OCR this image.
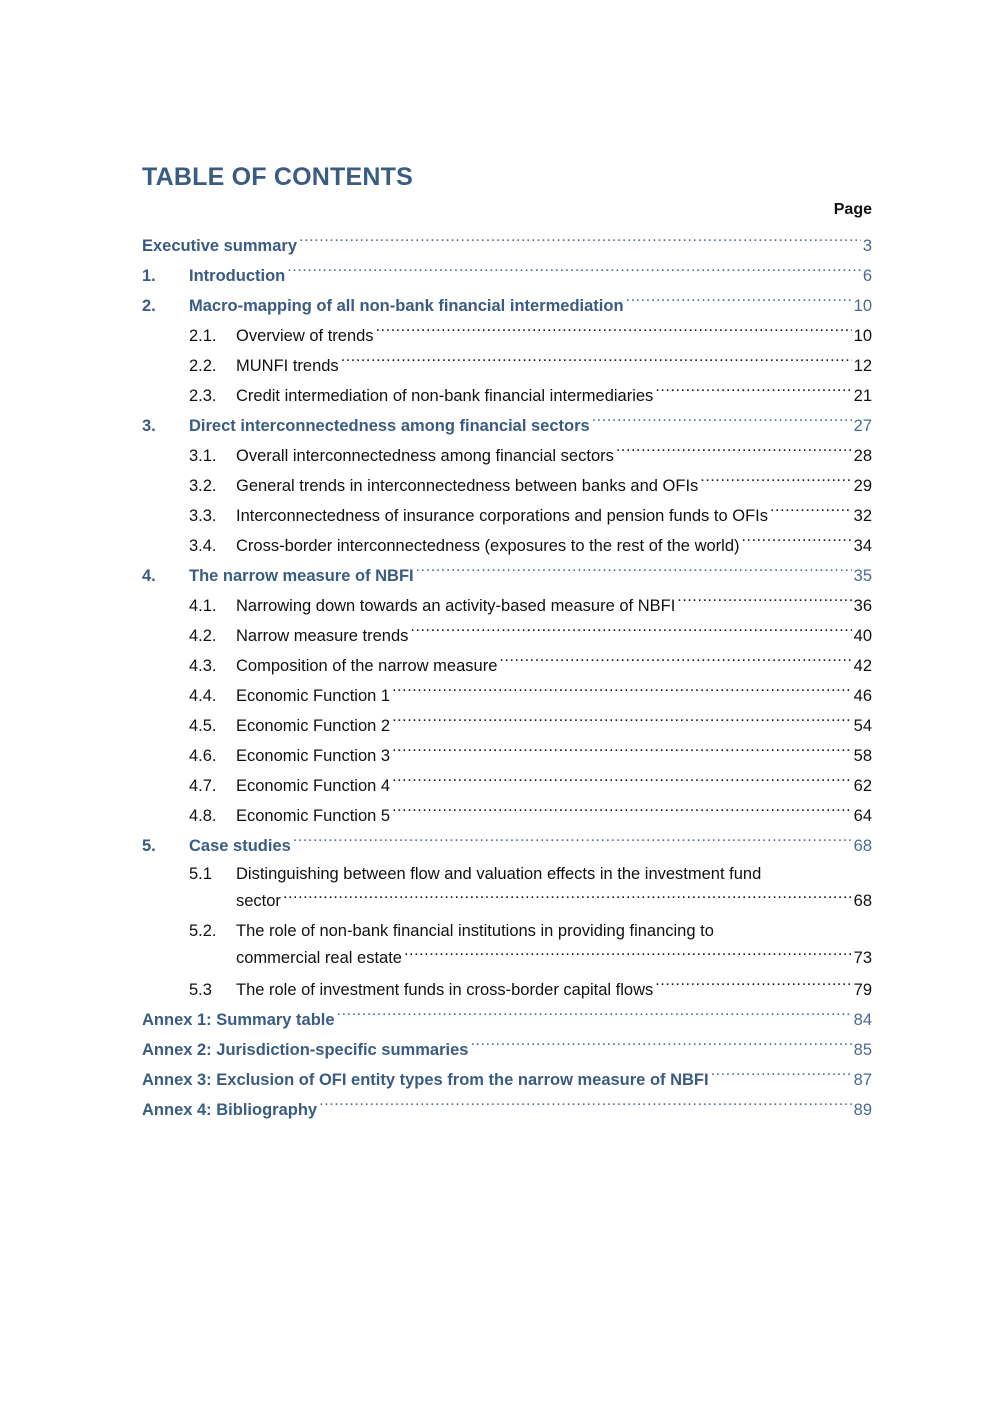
TABLE OF CONTENTS
Page
Executive summary .....	3
1.	Introduction .....	6
2.	Macro-mapping of all non-bank financial intermediation .....	10
2.1.	Overview of trends .....	10
2.2.	MUNFI trends .....	12
2.3.	Credit intermediation of non-bank financial intermediaries .....	21
3.	Direct interconnectedness among financial sectors .....	27
3.1.	Overall interconnectedness among financial sectors .....	28
3.2.	General trends in interconnectedness between banks and OFIs .....	29
3.3.	Interconnectedness of insurance corporations and pension funds to OFIs .....	32
3.4.	Cross-border interconnectedness (exposures to the rest of the world) .....	34
4.	The narrow measure of NBFI .....	35
4.1.	Narrowing down towards an activity-based measure of NBFI .....	36
4.2.	Narrow measure trends .....	40
4.3.	Composition of the narrow measure .....	42
4.4.	Economic Function 1 .....	46
4.5.	Economic Function 2 .....	54
4.6.	Economic Function 3 .....	58
4.7.	Economic Function 4 .....	62
4.8.	Economic Function 5 .....	64
5.	Case studies .....	68
5.1 Distinguishing between flow and valuation effects in the investment fund
sector .....	68
5.2. The role of non-bank financial institutions in providing financing to
commercial real estate .....	73
5.3	The role of investment funds in cross-border capital flows .....	79
Annex 1: Summary table .....	84
Annex 2: Jurisdiction-specific summaries .....	85
Annex 3: Exclusion of OFI entity types from the narrow measure of NBFI .....	87
Annex 4: Bibliography .....	89
